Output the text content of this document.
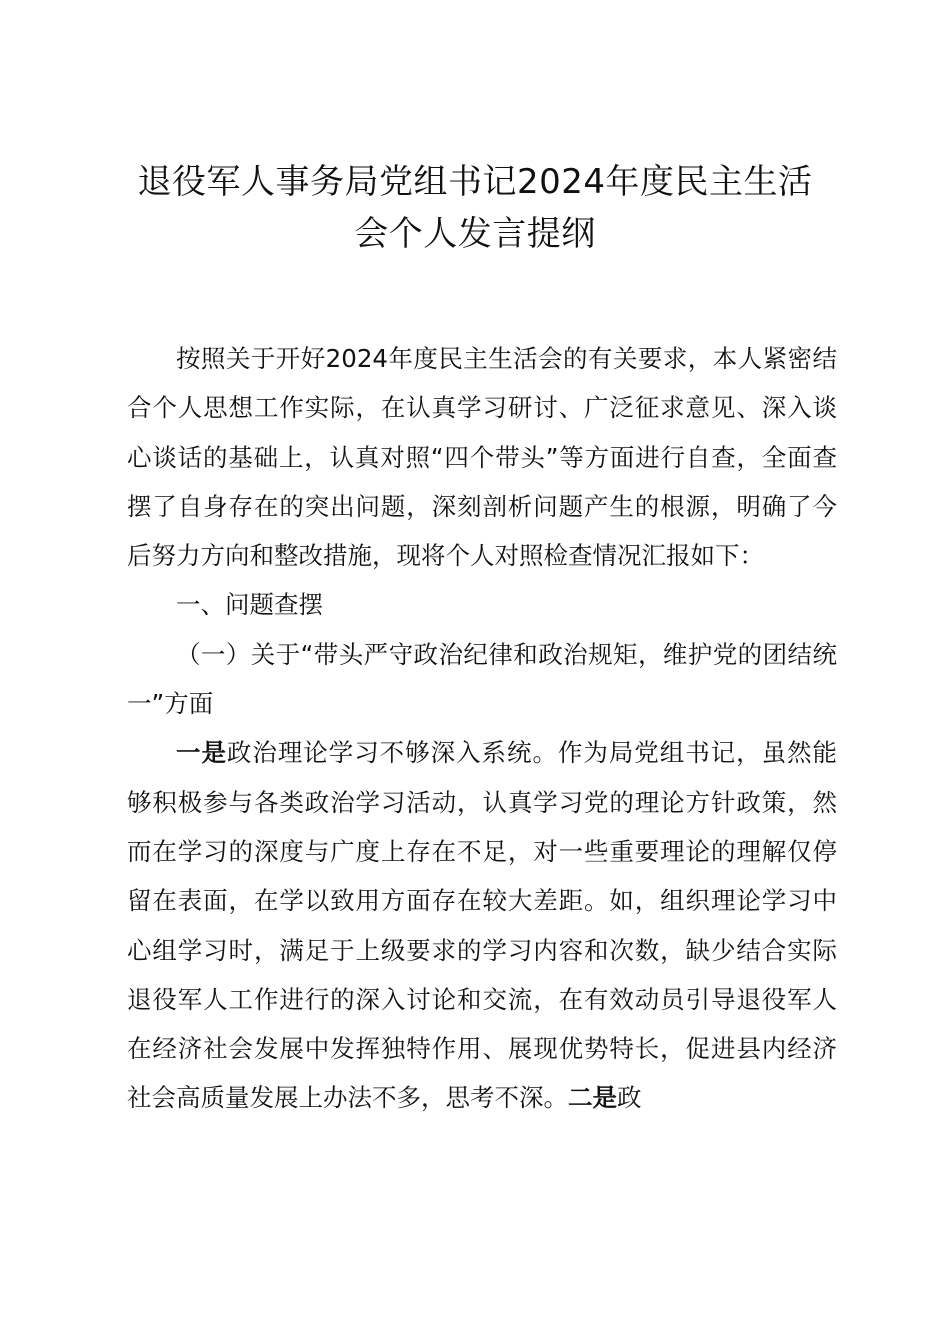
退役军人事务局党组书记2024年度民主生活
会个人发言提纲

按照关于开好2024年度民主生活会的有关要求，本人紧密结合个人思想工作实际，在认真学习研讨、广泛征求意见、深入谈心谈话的基础上，认真对照“四个带头”等方面进行自查，全面查摆了自身存在的突出问题，深刻剖析问题产生的根源，明确了今后努力方向和整改措施，现将个人对照检查情况汇报如下：

一、问题查摆

（一）关于“带头严守政治纪律和政治规矩，维护党的团结统一”方面

一是政治理论学习不够深入系统。作为局党组书记，虽然能够积极参与各类政治学习活动，认真学习党的理论方针政策，然而在学习的深度与广度上存在不足，对一些重要理论的理解仅停留在表面，在学以致用方面存在较大差距。如，组织理论学习中心组学习时，满足于上级要求的学习内容和次数，缺少结合实际退役军人工作进行的深入讨论和交流，在有效动员引导退役军人在经济社会发展中发挥独特作用、展现优势特长，促进县内经济社会高质量发展上办法不多，思考不深。二是政
